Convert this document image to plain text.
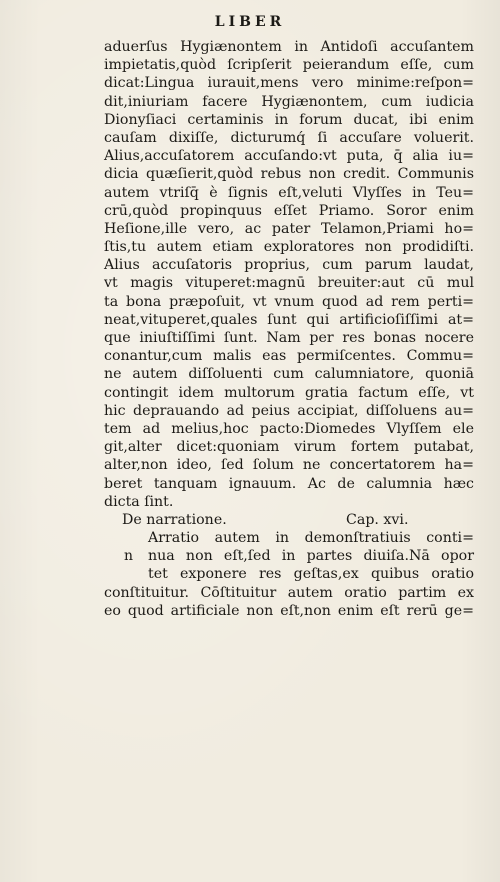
LIBER
aduerſus Hygiænontem in Antidoſi accuſantem
impietatis,quòd ſcripſerit peierandum eſſe, cum
dicat:Lingua iurauit,mens vero minime:reſpon=
dit,iniuriam facere Hygiænontem, cum iudicia
Dionyſiaci certaminis in forum ducat, ibi enim
cauſam dixiſſe, dicturumq́ ſi accuſare voluerit.
Alius,accuſatorem accuſando:vt puta, q̄ alia iu=
dicia quæſierit,quòd rebus non credit. Communis
autem vtriſq̄ è ſignis eſt,veluti Vlyſſes in Teu=
crū,quòd propinquus eſſet Priamo. Soror enim
Heſione,ille vero, ac pater Telamon,Priami ho=
ſtis,tu autem etiam exploratores non prodidiſti.
Alius accuſatoris proprius, cum parum laudat,
vt magis vituperet:magnū breuiter:aut cū mul
ta bona præpoſuit, vt vnum quod ad rem perti=
neat,vituperet,quales ſunt qui artificioſiſſimi at=
que iniuſtiſſimi ſunt. Nam per res bonas nocere
conantur,cum malis eas permiſcentes. Commu=
ne autem diſſoluenti cum calumniatore, quoniā
contingit idem multorum gratia factum eſſe, vt
hic deprauando ad peius accipiat, diſſoluens au=
tem ad melius,hoc pacto:Diomedes Vlyſſem ele
git,alter dicet:quoniam virum fortem putabat,
alter,non ideo, ſed ſolum ne concertatorem ha=
beret tanquam ignauum. Ac de calumnia hæc
dicta ſint.
De narratione.	Cap. xvi.
n
Arratio autem in demonſtratiuis conti=
nua non eſt,ſed in partes diuiſa.Nā opor
tet exponere res geſtas,ex quibus oratio
conſtituitur. Cōſtituitur autem oratio partim ex
eo quod artificiale non eſt,non enim eſt rerū ge=
